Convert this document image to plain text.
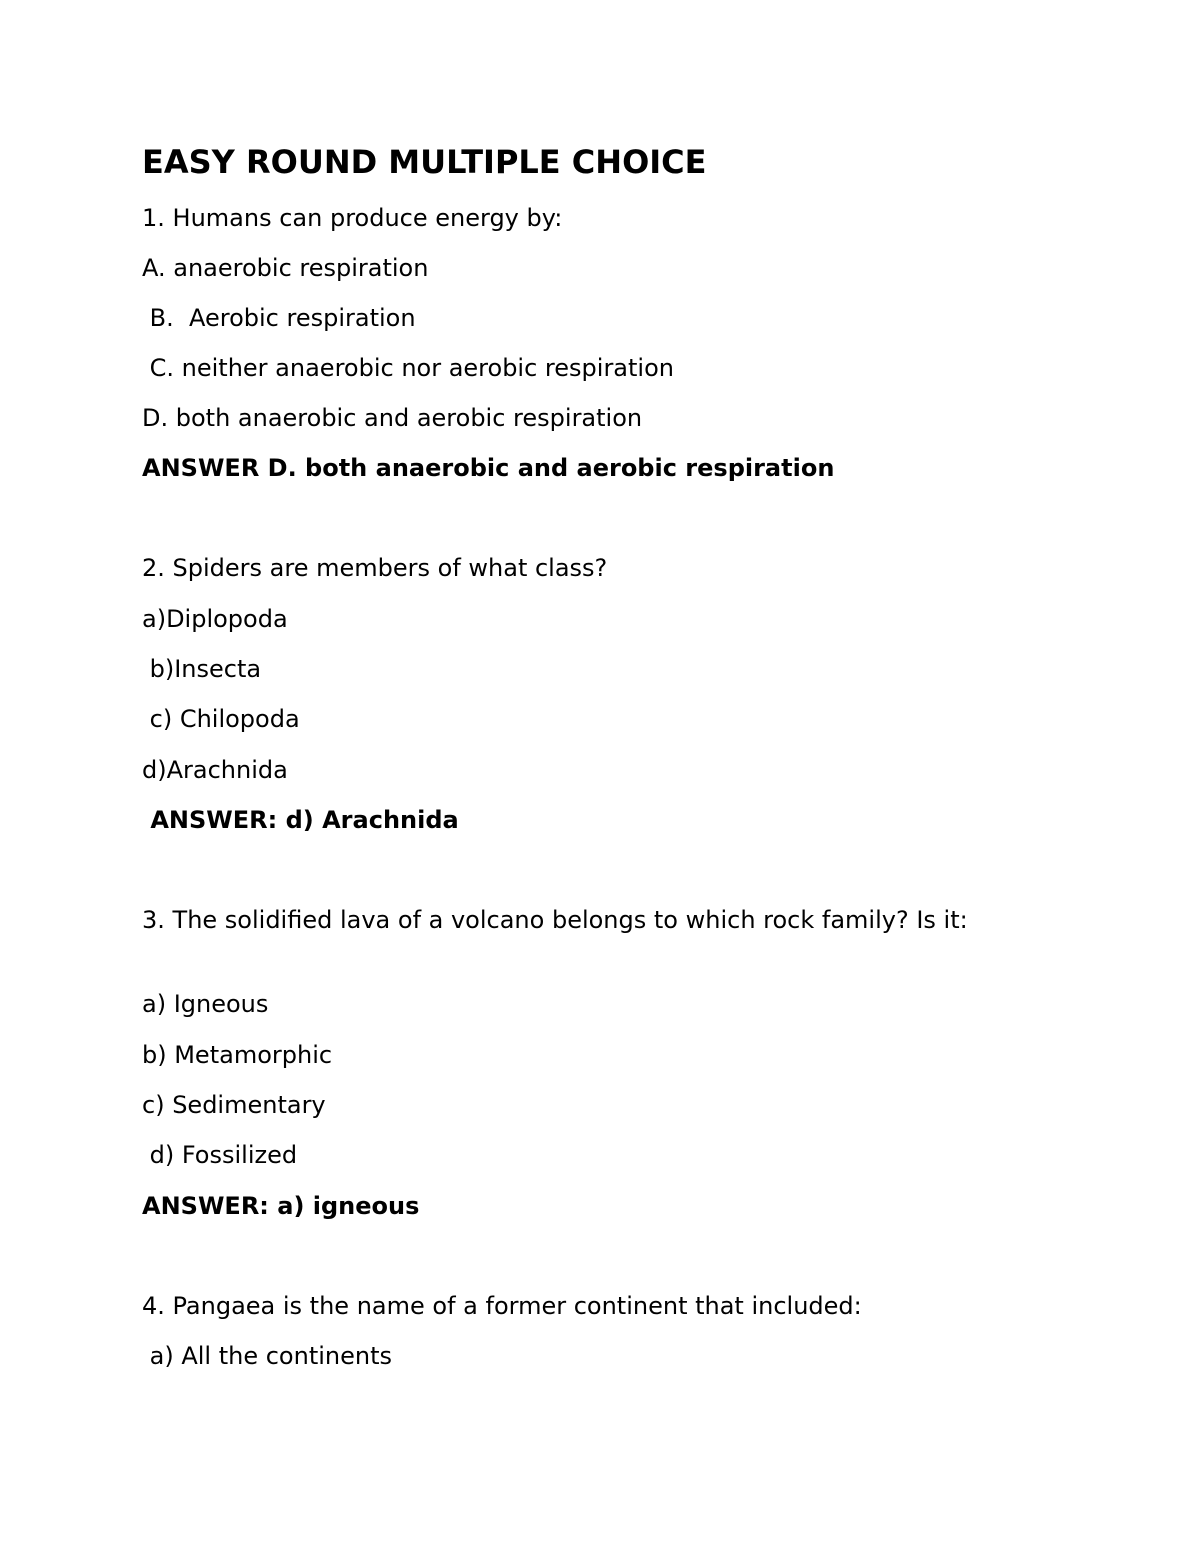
EASY ROUND MULTIPLE CHOICE
1. Humans can produce energy by:
A. anaerobic respiration
B.  Aerobic respiration
C. neither anaerobic nor aerobic respiration
D. both anaerobic and aerobic respiration
ANSWER D. both anaerobic and aerobic respiration
2. Spiders are members of what class?
a)Diplopoda
b)Insecta
c) Chilopoda
d)Arachnida
ANSWER: d) Arachnida
3. The solidified lava of a volcano belongs to which rock family? Is it:
a) Igneous
b) Metamorphic
c) Sedimentary
d) Fossilized
ANSWER: a) igneous
4. Pangaea is the name of a former continent that included:
a) All the continents
